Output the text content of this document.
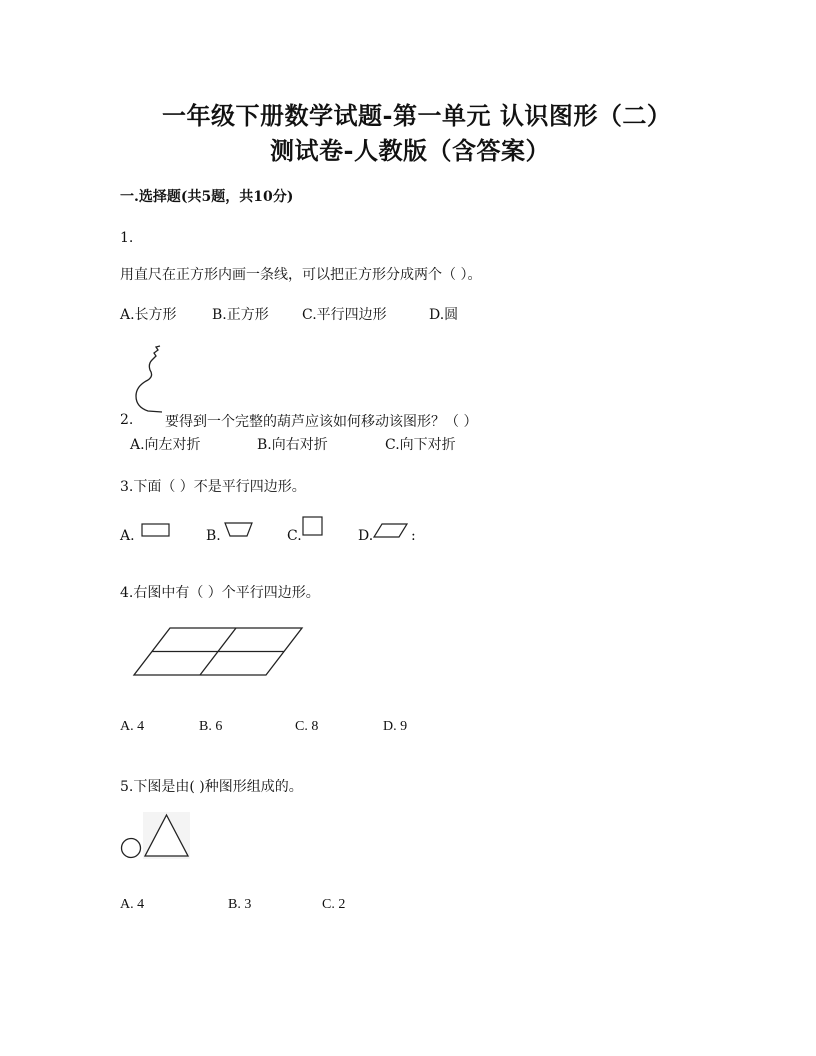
一年级下册数学试题-第一单元 认识图形（二）
测试卷-人教版（含答案）
一.选择题(共5题，共10分)
1.
用直尺在正方形内画一条线，可以把正方形分成两个（ ）。
A.长方形	B.正方形 C.平行四边形	D.圆
2. 要得到一个完整的葫芦应该如何移动该图形？（ ）
A.向左对折	B.向右对折	C.向下对折
3.下面（ ）不是平行四边形。
A.	B.	C.	D.	:
4.右图中有（ ）个平行四边形。
A. 4	B. 6	C. 8	D. 9
5.下图是由( )种图形组成的。
A. 4	B. 3	C. 2
